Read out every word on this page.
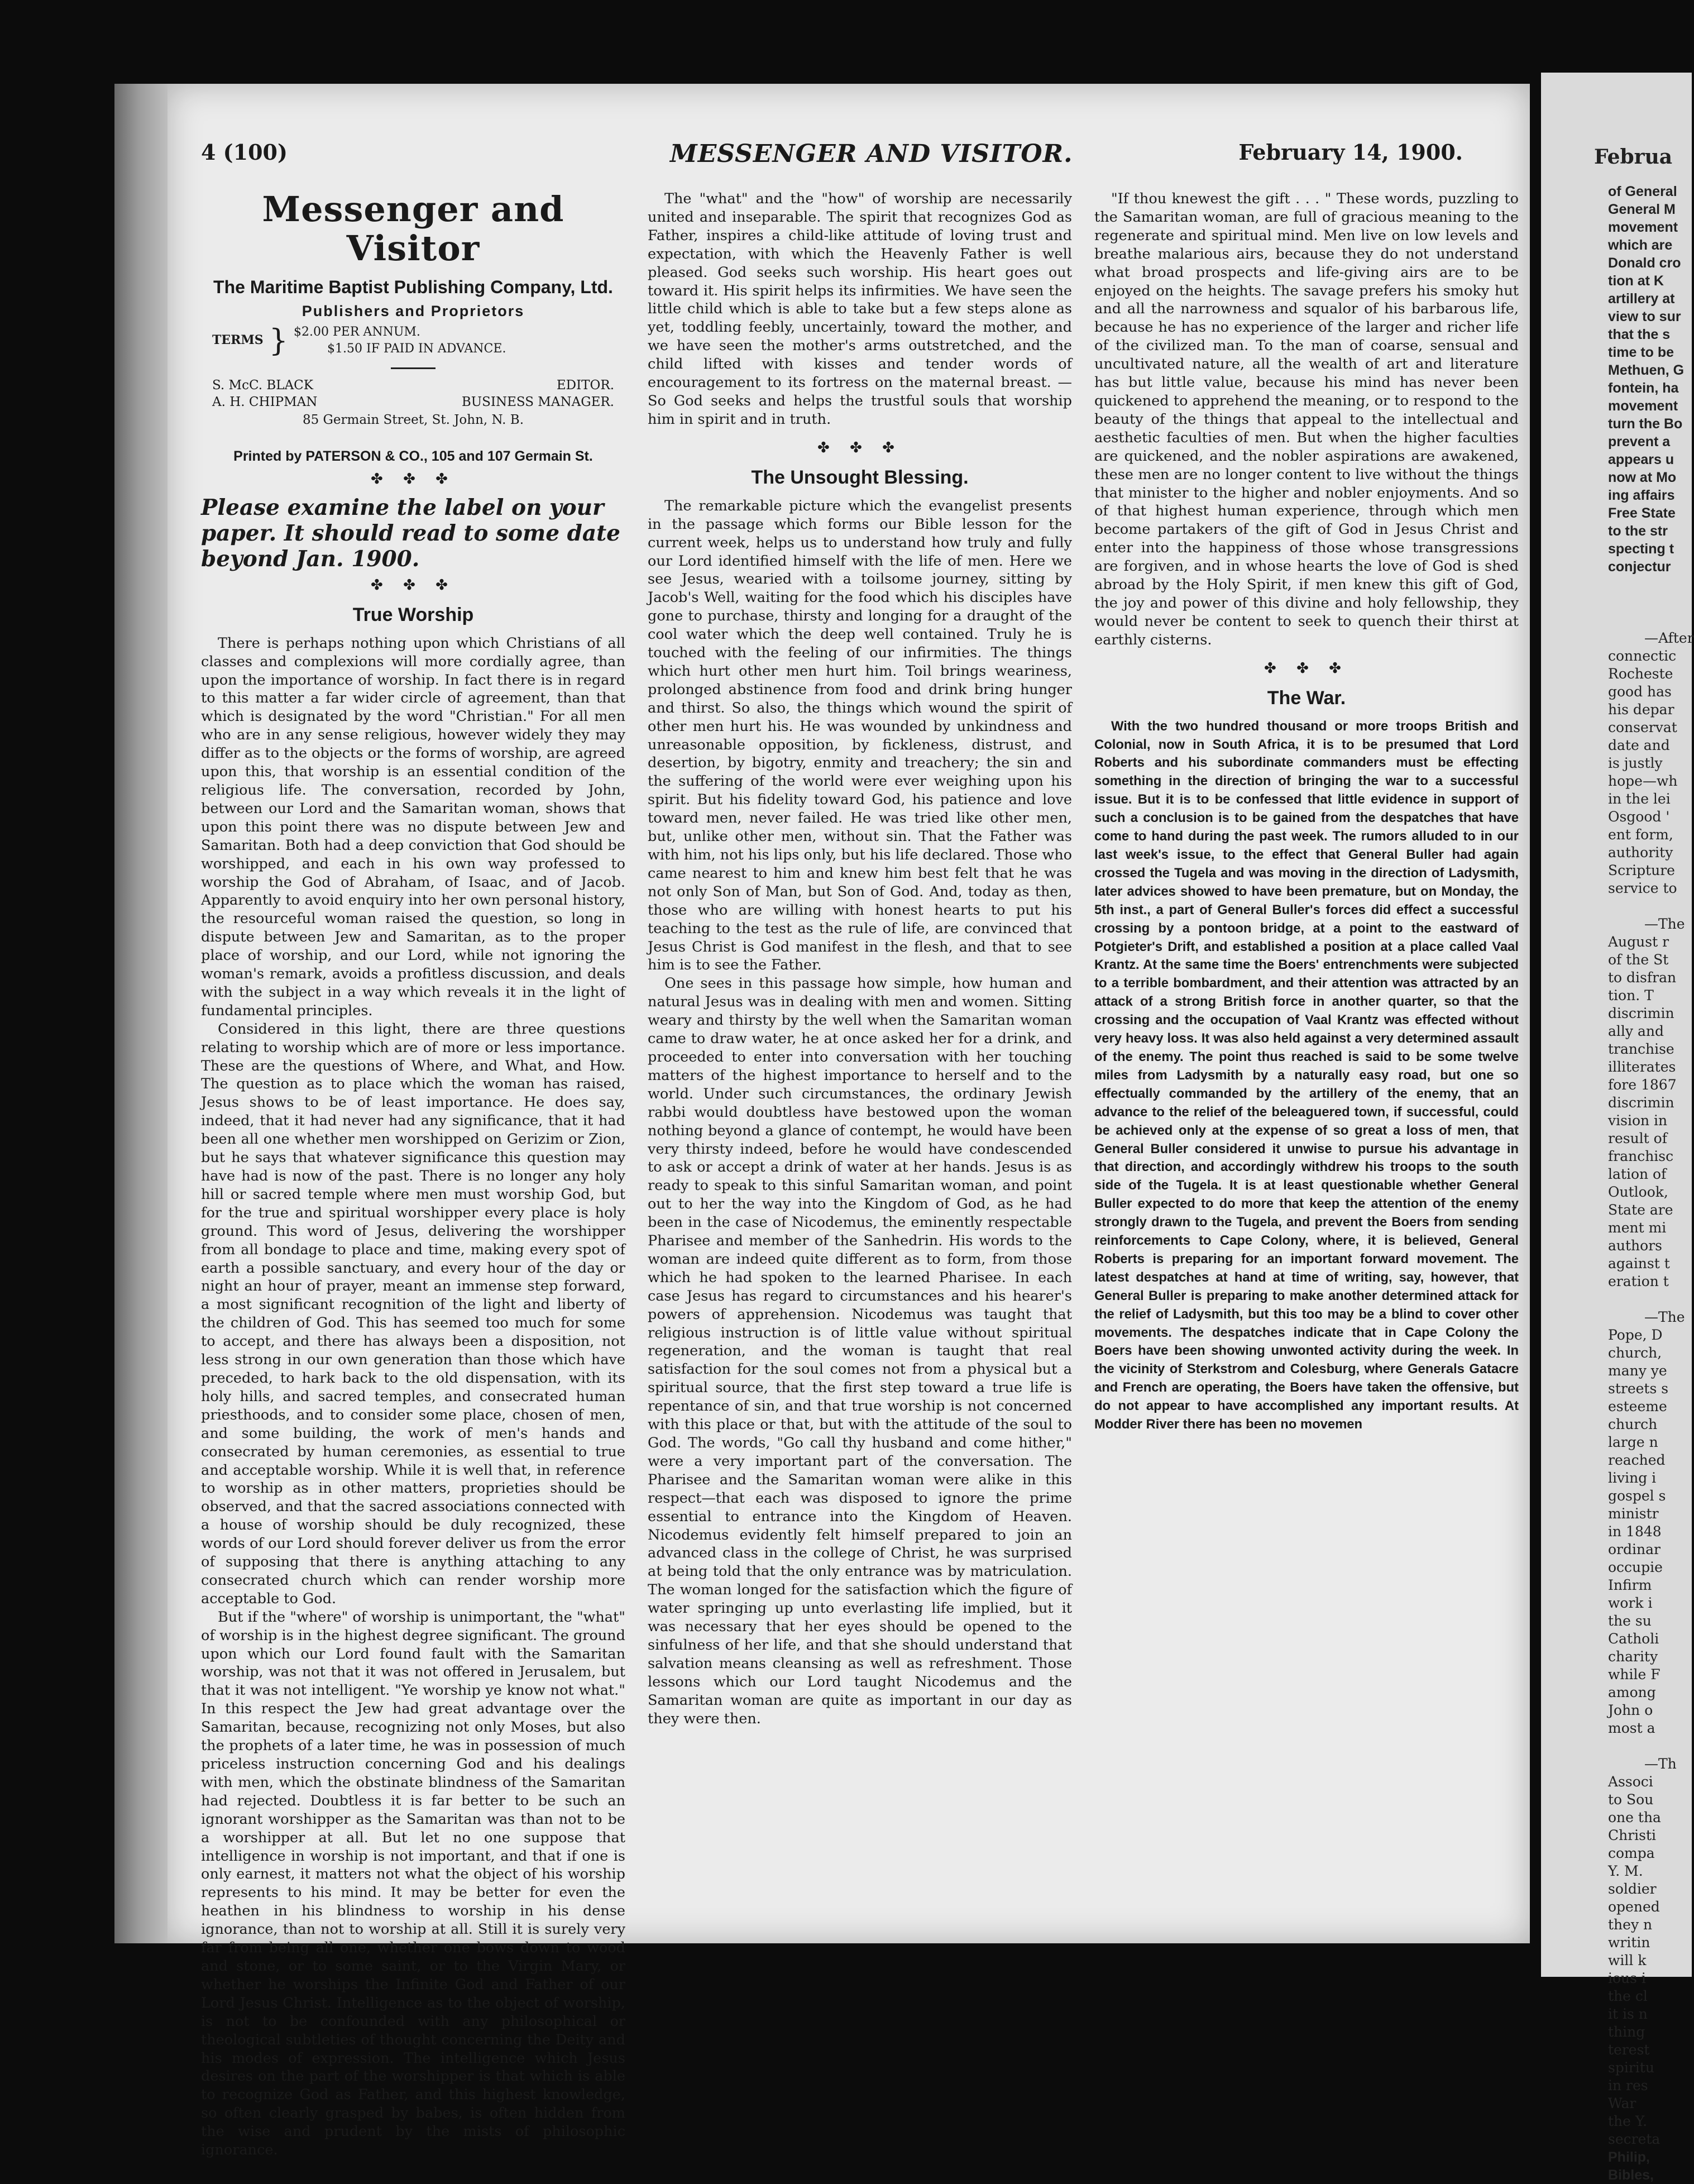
4 (100)	MESSENGER AND VISITOR.	February 14, 1900.
Messenger and Visitor
The Maritime Baptist Publishing Company, Ltd.
Publishers and Proprietors
TERMS } $2.00 PER ANNUM.
$1.50 IF PAID IN ADVANCE.
S. McC. BLACK	EDITOR.
A. H. CHIPMAN	BUSINESS MANAGER.
85 Germain Street, St. John, N. B.
Printed by PATERSON & CO., 105 and 107 Germain St.
✤ ✤ ✤
Please examine the label on your paper. It should read to some date beyond Jan. 1900.
✤ ✤ ✤
True Worship

There is perhaps nothing upon which Christians of all classes and complexions will more cordially agree, than upon the importance of worship. In fact there is in regard to this matter a far wider circle of agreement, than that which is designated by the word "Christian." For all men who are in any sense religious, however widely they may differ as to the objects or the forms of worship, are agreed upon this, that worship is an essential condition of the religious life. The conversation, recorded by John, between our Lord and the Samaritan woman, shows that upon this point there was no dispute between Jew and Samaritan. Both had a deep conviction that God should be worshipped, and each in his own way professed to worship the God of Abraham, of Isaac, and of Jacob. Apparently to avoid enquiry into her own personal history, the resourceful woman raised the question, so long in dispute between Jew and Samaritan, as to the proper place of worship, and our Lord, while not ignoring the woman's remark, avoids a profitless discussion, and deals with the subject in a way which reveals it in the light of fundamental principles.

Considered in this light, there are three questions relating to worship which are of more or less importance. These are the questions of Where, and What, and How. The question as to place which the woman has raised, Jesus shows to be of least importance. He does say, indeed, that it had never had any significance, that it had been all one whether men worshipped on Gerizim or Zion, but he says that whatever significance this question may have had is now of the past. There is no longer any holy hill or sacred temple where men must worship God, but for the true and spiritual worshipper every place is holy ground. This word of Jesus, delivering the worshipper from all bondage to place and time, making every spot of earth a possible sanctuary, and every hour of the day or night an hour of prayer, meant an immense step forward, a most significant recognition of the light and liberty of the children of God. This has seemed too much for some to accept, and there has always been a disposition, not less strong in our own generation than those which have preceded, to hark back to the old dispensation, with its holy hills, and sacred temples, and consecrated human priesthoods, and to consider some place, chosen of men, and some building, the work of men's hands and consecrated by human ceremonies, as essential to true and acceptable worship. While it is well that, in reference to worship as in other matters, proprieties should be observed, and that the sacred associations connected with a house of worship should be duly recognized, these words of our Lord should forever deliver us from the error of supposing that there is anything attaching to any consecrated church which can render worship more acceptable to God.

But if the "where" of worship is unimportant, the "what" of worship is in the highest degree significant. The ground upon which our Lord found fault with the Samaritan worship, was not that it was not offered in Jerusalem, but that it was not intelligent. "Ye worship ye know not what." In this respect the Jew had great advantage over the Samaritan, because, recognizing not only Moses, but also the prophets of a later time, he was in possession of much priceless instruction concerning God and his dealings with men, which the obstinate blindness of the Samaritan had rejected. Doubtless it is far better to be such an ignorant worshipper as the Samaritan was than not to be a worshipper at all. But let no one suppose that intelligence in worship is not important, and that if one is only earnest, it matters not what the object of his worship represents to his mind. It may be better for even the heathen in his blindness to worship in his dense ignorance, than not to worship at all. Still it is surely very far from being all one, whether one bows down to wood and stone, or to some saint, or to the Virgin Mary, or whether he worships the Infinite God and Father of our Lord Jesus Christ. Intelligence as to the object of worship, is not to be confounded with any philosophical or theological subtleties of thought concerning the Deity and his modes of expression. The intelligence which Jesus desires on the part of the worshipper is that which is able to recognize God as Father, and this highest knowledge, so often clearly grasped by babes, is often hidden from the wise and prudent by the mists of philosophic ignorance.

The "what" and the "how" of worship are necessarily united and inseparable. The spirit that recognizes God as Father, inspires a child-like attitude of loving trust and expectation, with which the Heavenly Father is well pleased. God seeks such worship. His heart goes out toward it. His spirit helps its infirmities. We have seen the little child which is able to take but a few steps alone as yet, toddling feebly, uncertainly, toward the mother, and we have seen the mother's arms outstretched, and the child lifted with kisses and tender words of encouragement to its fortress on the maternal breast. —So God seeks and helps the trustful souls that worship him in spirit and in truth.

✤ ✤ ✤
The Unsought Blessing.

The remarkable picture which the evangelist presents in the passage which forms our Bible lesson for the current week, helps us to understand how truly and fully our Lord identified himself with the life of men. Here we see Jesus, wearied with a toilsome journey, sitting by Jacob's Well, waiting for the food which his disciples have gone to purchase, thirsty and longing for a draught of the cool water which the deep well contained. Truly he is touched with the feeling of our infirmities. The things which hurt other men hurt him. Toil brings weariness, prolonged abstinence from food and drink bring hunger and thirst. So also, the things which wound the spirit of other men hurt his. He was wounded by unkindness and unreasonable opposition, by fickleness, distrust, and desertion, by bigotry, enmity and treachery; the sin and the suffering of the world were ever weighing upon his spirit. But his fidelity toward God, his patience and love toward men, never failed. He was tried like other men, but, unlike other men, without sin. That the Father was with him, not his lips only, but his life declared. Those who came nearest to him and knew him best felt that he was not only Son of Man, but Son of God. And, today as then, those who are willing with honest hearts to put his teaching to the test as the rule of life, are convinced that Jesus Christ is God manifest in the flesh, and that to see him is to see the Father.

One sees in this passage how simple, how human and natural Jesus was in dealing with men and women. Sitting weary and thirsty by the well when the Samaritan woman came to draw water, he at once asked her for a drink, and proceeded to enter into conversation with her touching matters of the highest importance to herself and to the world. Under such circumstances, the ordinary Jewish rabbi would doubtless have bestowed upon the woman nothing beyond a glance of contempt, he would have been very thirsty indeed, before he would have condescended to ask or accept a drink of water at her hands. Jesus is as ready to speak to this sinful Samaritan woman, and point out to her the way into the Kingdom of God, as he had been in the case of Nicodemus, the eminently respectable Pharisee and member of the Sanhedrin. His words to the woman are indeed quite different as to form, from those which he had spoken to the learned Pharisee. In each case Jesus has regard to circumstances and his hearer's powers of apprehension. Nicodemus was taught that religious instruction is of little value without spiritual regeneration, and the woman is taught that real satisfaction for the soul comes not from a physical but a spiritual source, that the first step toward a true life is repentance of sin, and that true worship is not concerned with this place or that, but with the attitude of the soul to God. The words, "Go call thy husband and come hither," were a very important part of the conversation. The Pharisee and the Samaritan woman were alike in this respect—that each was disposed to ignore the prime essential to entrance into the Kingdom of Heaven. Nicodemus evidently felt himself prepared to join an advanced class in the college of Christ, he was surprised at being told that the only entrance was by matriculation. The woman longed for the satisfaction which the figure of water springing up unto everlasting life implied, but it was necessary that her eyes should be opened to the sinfulness of her life, and that she should understand that salvation means cleansing as well as refreshment. Those lessons which our Lord taught Nicodemus and the Samaritan woman are quite as important in our day as they were then.

"If thou knewest the gift . . . " These words, puzzling to the Samaritan woman, are full of gracious meaning to the regenerate and spiritual mind. Men live on low levels and breathe malarious airs, because they do not understand what broad prospects and life-giving airs are to be enjoyed on the heights. The savage prefers his smoky hut and all the narrowness and squalor of his barbarous life, because he has no experience of the larger and richer life of the civilized man. To the man of coarse, sensual and uncultivated nature, all the wealth of art and literature has but little value, because his mind has never been quickened to apprehend the meaning, or to respond to the beauty of the things that appeal to the intellectual and aesthetic faculties of men. But when the higher faculties are quickened, and the nobler aspirations are awakened, these men are no longer content to live without the things that minister to the higher and nobler enjoyments. And so of that highest human experience, through which men become partakers of the gift of God in Jesus Christ and enter into the happiness of those whose transgressions are forgiven, and in whose hearts the love of God is shed abroad by the Holy Spirit, if men knew this gift of God, the joy and power of this divine and holy fellowship, they would never be content to seek to quench their thirst at earthly cisterns.

✤ ✤ ✤
The War.

With the two hundred thousand or more troops British and Colonial, now in South Africa, it is to be presumed that Lord Roberts and his subordinate commanders must be effecting something in the direction of bringing the war to a successful issue. But it is to be confessed that little evidence in support of such a conclusion is to be gained from the despatches that have come to hand during the past week. The rumors alluded to in our last week's issue, to the effect that General Buller had again crossed the Tugela and was moving in the direction of Ladysmith, later advices showed to have been premature, but on Monday, the 5th inst., a part of General Buller's forces did effect a successful crossing by a pontoon bridge, at a point to the eastward of Potgieter's Drift, and established a position at a place called Vaal Krantz. At the same time the Boers' entrenchments were subjected to a terrible bombardment, and their attention was attracted by an attack of a strong British force in another quarter, so that the crossing and the occupation of Vaal Krantz was effected without very heavy loss. It was also held against a very determined assault of the enemy. The point thus reached is said to be some twelve miles from Ladysmith by a naturally easy road, but one so effectually commanded by the artillery of the enemy, that an advance to the relief of the beleaguered town, if successful, could be achieved only at the expense of so great a loss of men, that General Buller considered it unwise to pursue his advantage in that direction, and accordingly withdrew his troops to the south side of the Tugela. It is at least questionable whether General Buller expected to do more that keep the attention of the enemy strongly drawn to the Tugela, and prevent the Boers from sending reinforcements to Cape Colony, where, it is believed, General Roberts is preparing for an important forward movement. The latest despatches at hand at time of writing, say, however, that General Buller is preparing to make another determined attack for the relief of Ladysmith, but this too may be a blind to cover other movements. The despatches indicate that in Cape Colony the Boers have been showing unwonted activity during the week. In the vicinity of Sterkstrom and Colesburg, where Generals Gatacre and French are operating, the Boers have taken the offensive, but do not appear to have accomplished any important results. At Modder River there has been no movemen

Februa
of General
General M
movement
which are
Donald cro
tion at K
artillery at
view to sur
that the s
time to be
Methuen, G
fontein, ha
movement
turn the Bo
prevent a
appears u
now at Mo
ing affairs
Free State
to the str
specting t
conjectur

—After
connectic
Rocheste
good has
his depar
conservat
date and
is justly
hope—wh
in the lei
Osgood '
ent form,
authority
Scripture
service to

—The
August r
of the St
to disfran
tion. T
discrimin
ally and
tranchise
illiterates
fore 1867
discrimin
vision in
result of
franchisc
lation of
Outlook,
State are
ment mi
authors
against t
eration t

—The
Pope, D
church,
many ye
streets s
esteeme
church
large n
reached
living i
gospel s
ministr
in 1848
ordinar
occupie
Infirm
work i
the su
Catholi
charity
while F
among
John o
most a

—Th
Associ
to Sou
one tha
Christi
compa
Y. M.
soldier
opened
they n
writin
will k
ious i
the cl
it is n
thing
terest
spiritu
in res
War
the Y.
secreta
Philip,
Bibles,
